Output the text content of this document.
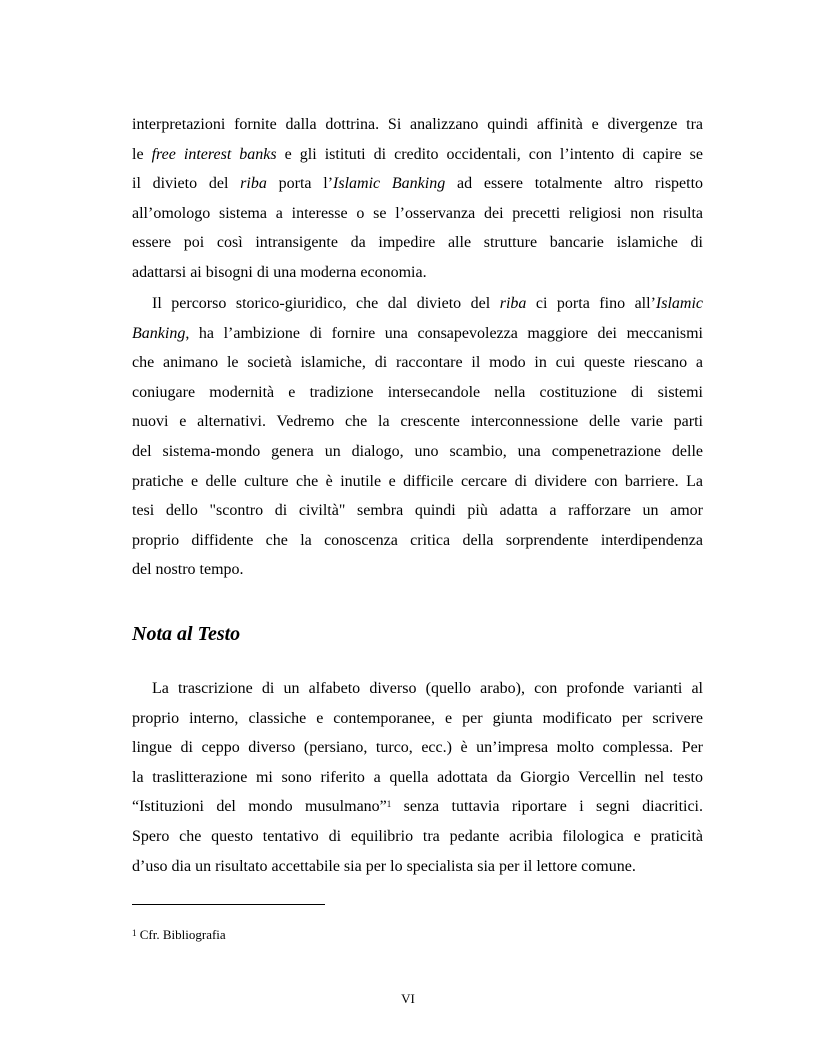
interpretazioni fornite dalla dottrina. Si analizzano quindi affinità e divergenze tra
le free interest banks e gli istituti di credito occidentali, con l’intento di capire se
il divieto del riba porta l’Islamic Banking ad essere totalmente altro rispetto
all’omologo sistema a interesse o se l’osservanza dei precetti religiosi non risulta
essere poi così intransigente da impedire alle strutture bancarie islamiche di
adattarsi ai bisogni di una moderna economia.
Il percorso storico-giuridico, che dal divieto del riba ci porta fino all’Islamic
Banking, ha l’ambizione di fornire una consapevolezza maggiore dei meccanismi
che animano le società islamiche, di raccontare il modo in cui queste riescano a
coniugare modernità e tradizione intersecandole nella costituzione di sistemi
nuovi e alternativi. Vedremo che la crescente interconnessione delle varie parti
del sistema-mondo genera un dialogo, uno scambio, una compenetrazione delle
pratiche e delle culture che è inutile e difficile cercare di dividere con barriere. La
tesi dello "scontro di civiltà" sembra quindi più adatta a rafforzare un amor
proprio diffidente che la conoscenza critica della sorprendente interdipendenza
del nostro tempo.
Nota al Testo
La trascrizione di un alfabeto diverso (quello arabo), con profonde varianti al
proprio interno, classiche e contemporanee, e per giunta modificato per scrivere
lingue di ceppo diverso (persiano, turco, ecc.) è un’impresa molto complessa. Per
la traslitterazione mi sono riferito a quella adottata da Giorgio Vercellin nel testo
“Istituzioni del mondo musulmano”$^1$ senza tuttavia riportare i segni diacritici.
Spero che questo tentativo di equilibrio tra pedante acribia filologica e praticità
d’uso dia un risultato accettabile sia per lo specialista sia per il lettore comune.
$^1$ Cfr. Bibliografia
VI
